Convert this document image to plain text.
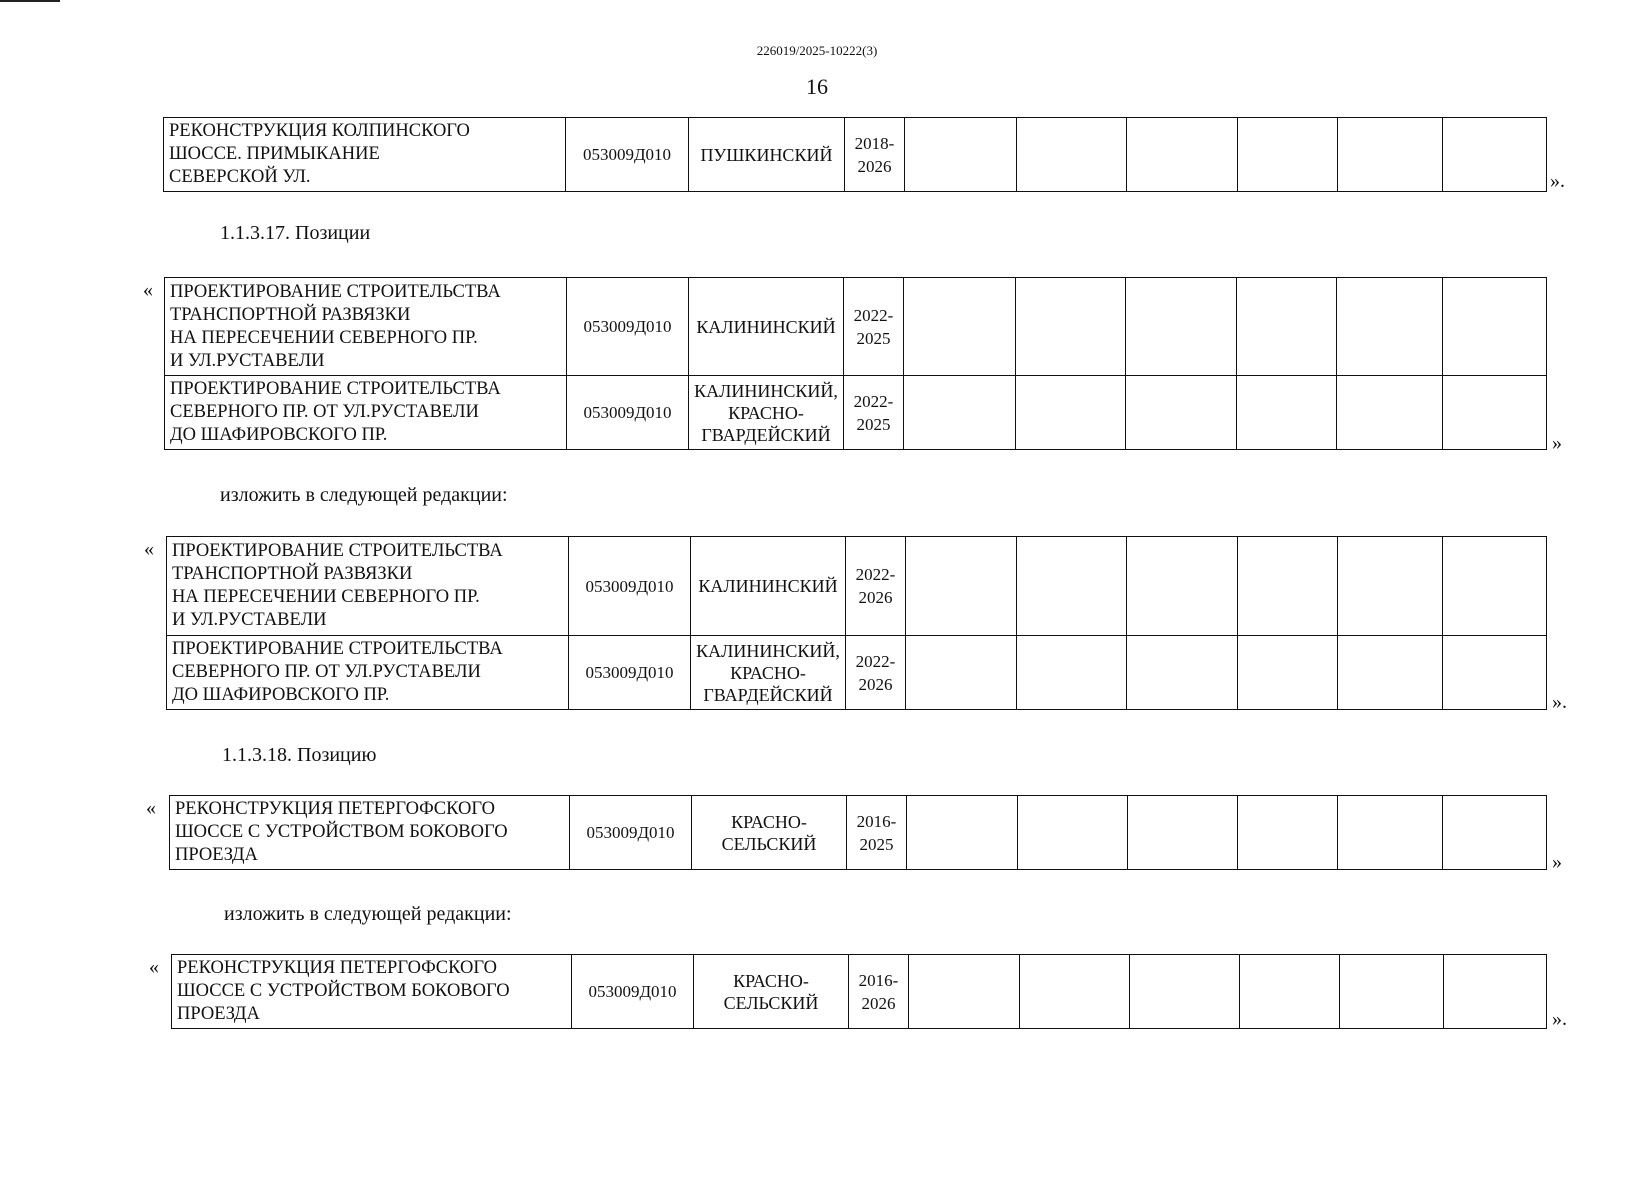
226019/2025-10222(3)
16
РЕКОНСТРУКЦИЯ КОЛПИНСКОГО
ШОССЕ. ПРИМЫКАНИЕ
СЕВЕРСКОЙ УЛ.	053009Д010	ПУШКИНСКИЙ	2018-
2026						
».
1.1.3.17. Позиции
« ПРОЕКТИРОВАНИЕ СТРОИТЕЛЬСТВА
ТРАНСПОРТНОЙ РАЗВЯЗКИ
НА ПЕРЕСЕЧЕНИИ СЕВЕРНОГО ПР.
И УЛ.РУСТАВЕЛИ	053009Д010	КАЛИНИНСКИЙ	2022-
2025						
ПРОЕКТИРОВАНИЕ СТРОИТЕЛЬСТВА
СЕВЕРНОГО ПР. ОТ УЛ.РУСТАВЕЛИ
ДО ШАФИРОВСКОГО ПР.	053009Д010	КАЛИНИНСКИЙ,
КРАСНО-
ГВАРДЕЙСКИЙ	2022-
2025						
»
изложить в следующей редакции:
« ПРОЕКТИРОВАНИЕ СТРОИТЕЛЬСТВА
ТРАНСПОРТНОЙ РАЗВЯЗКИ
НА ПЕРЕСЕЧЕНИИ СЕВЕРНОГО ПР.
И УЛ.РУСТАВЕЛИ	053009Д010	КАЛИНИНСКИЙ	2022-
2026						
ПРОЕКТИРОВАНИЕ СТРОИТЕЛЬСТВА
СЕВЕРНОГО ПР. ОТ УЛ.РУСТАВЕЛИ
ДО ШАФИРОВСКОГО ПР.	053009Д010	КАЛИНИНСКИЙ,
КРАСНО-
ГВАРДЕЙСКИЙ	2022-
2026						
».
1.1.3.18. Позицию
« РЕКОНСТРУКЦИЯ ПЕТЕРГОФСКОГО
ШОССЕ С УСТРОЙСТВОМ БОКОВОГО
ПРОЕЗДА	053009Д010	КРАСНО-
СЕЛЬСКИЙ	2016-
2025						
»
изложить в следующей редакции:
« РЕКОНСТРУКЦИЯ ПЕТЕРГОФСКОГО
ШОССЕ С УСТРОЙСТВОМ БОКОВОГО
ПРОЕЗДА	053009Д010	КРАСНО-
СЕЛЬСКИЙ	2016-
2026						
».
